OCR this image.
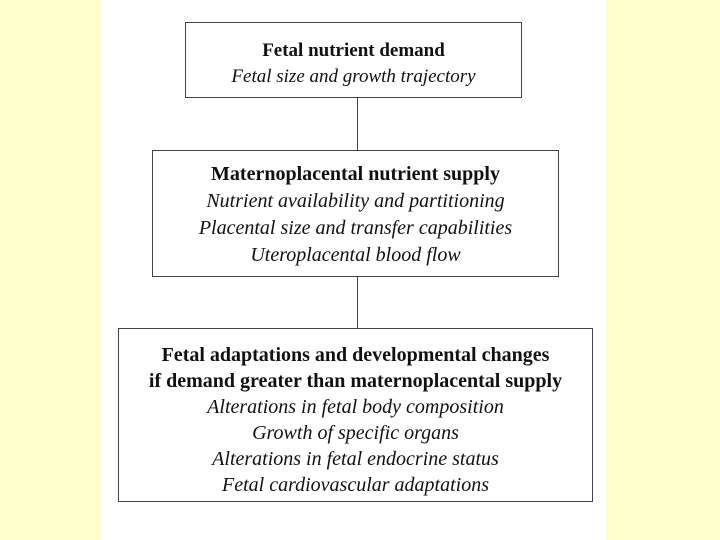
Fetal nutrient demand
Fetal size and growth trajectory
Maternoplacental nutrient supply
Nutrient availability and partitioning
Placental size and transfer capabilities
Uteroplacental blood flow
Fetal adaptations and developmental changes
if demand greater than maternoplacental supply
Alterations in fetal body composition
Growth of specific organs
Alterations in fetal endocrine status
Fetal cardiovascular adaptations
